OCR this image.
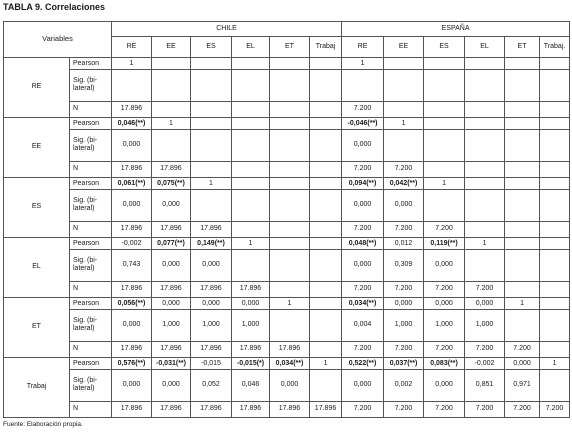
TABLA 9. Correlaciones
Variables		CHILE						ESPAÑA					
		RE	EE	ES	EL	ET	Trabaj	RE	EE	ES	EL	ET	Trabaj.
RE	Pearson	1						1					
	Sig. (bi-lateral)												
	N	17.896						7.200					
EE	Pearson	0,046(**)	1					-0,046(**)	1				
	Sig. (bi-lateral)	0,000						0,000					
	N	17.896	17.896					7.200	7.200				
ES	Pearson	0,061(**)	0,075(**)	1				0,094(**)	0,042(**)	1			
	Sig. (bi-lateral)	0,000	0,000					0,000	0,000				
	N	17.896	17.896	17.896				7.200	7.200	7.200			
EL	Pearson	-0,002	0,077(**)	0,149(**)	1			0,048(**)	0,012	0,119(**)	1		
	Sig. (bi-lateral)	0,743	0,000	0,000				0,000	0,309	0,000			
	N	17.896	17.896	17.896	17.896			7.200	7.200	7.200	7.200		
ET	Pearson	0,056(**)	0,000	0,000	0,000	1		0,034(**)	0,000	0,000	0,000	1	
	Sig. (bi-lateral)	0,000	1,000	1,000	1,000			0,004	1,000	1,000	1,000		
	N	17.896	17.896	17.896	17.896	17.896		7.200	7.200	7.200	7.200	7.200	
Trabaj	Pearson	0,576(**)	-0,031(**)	-0,015	-0,015(*)	0,034(**)	1	0,522(**)	0,037(**)	0,083(**)	-0,002	0,000	1
	Sig. (bi-lateral)	0,000	0,000	0,052	0,046	0,000		0,000	0,002	0,000	0,851	0,971	
	N	17.896	17.896	17.896	17.896	17.896	17.896	7.200	7.200	7.200	7.200	7.200	7.200
Fuente: Elaboración propia.
